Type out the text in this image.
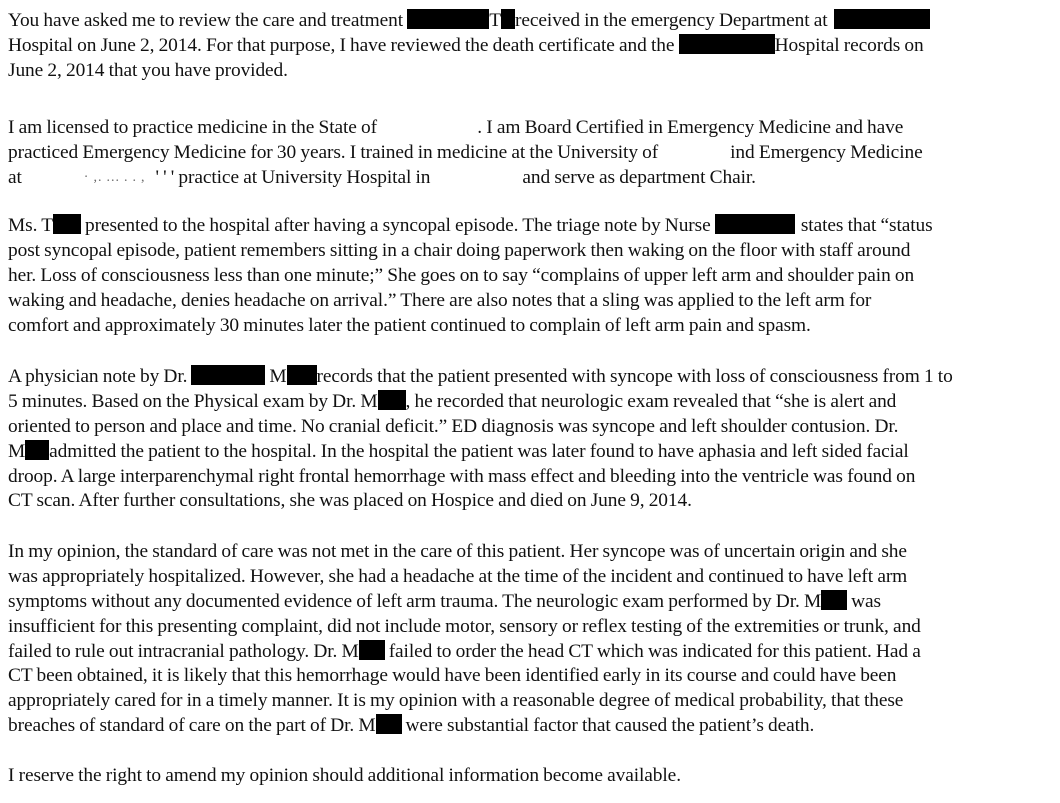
You have asked me to review the care and treatment	T received in the emergency Department at
Hospital on June 2, 2014. For that purpose, I have reviewed the death certificate and the	Hospital records on
June 2, 2014 that you have provided.
I am licensed to practice medicine in the State of	. I am Board Certified in Emergency Medicine and have
practiced Emergency Medicine for 30 years. I trained in medicine at the University of	ind Emergency Medicine
at	· ,. ... . . , ' ' ' practice at University Hospital in	and serve as department Chair.
Ms. T presented to the hospital after having a syncopal episode. The triage note by Nurse	states that “status
post syncopal episode, patient remembers sitting in a chair doing paperwork then waking on the floor with staff around
her. Loss of consciousness less than one minute;” She goes on to say “complains of upper left arm and shoulder pain on
waking and headache, denies headache on arrival.” There are also notes that a sling was applied to the left arm for
comfort and approximately 30 minutes later the patient continued to complain of left arm pain and spasm.
A physician note by Dr.	M records that the patient presented with syncope with loss of consciousness from 1 to
5 minutes. Based on the Physical exam by Dr. M , he recorded that neurologic exam revealed that “she is alert and
oriented to person and place and time. No cranial deficit.” ED diagnosis was syncope and left shoulder contusion. Dr.
M admitted the patient to the hospital. In the hospital the patient was later found to have aphasia and left sided facial
droop. A large interparenchymal right frontal hemorrhage with mass effect and bleeding into the ventricle was found on
CT scan. After further consultations, she was placed on Hospice and died on June 9, 2014.
In my opinion, the standard of care was not met in the care of this patient. Her syncope was of uncertain origin and she
was appropriately hospitalized. However, she had a headache at the time of the incident and continued to have left arm
symptoms without any documented evidence of left arm trauma. The neurologic exam performed by Dr. M was
insufficient for this presenting complaint, did not include motor, sensory or reflex testing of the extremities or trunk, and
failed to rule out intracranial pathology. Dr. M failed to order the head CT which was indicated for this patient. Had a
CT been obtained, it is likely that this hemorrhage would have been identified early in its course and could have been
appropriately cared for in a timely manner. It is my opinion with a reasonable degree of medical probability, that these
breaches of standard of care on the part of Dr. M were substantial factor that caused the patient’s death.
I reserve the right to amend my opinion should additional information become available.
